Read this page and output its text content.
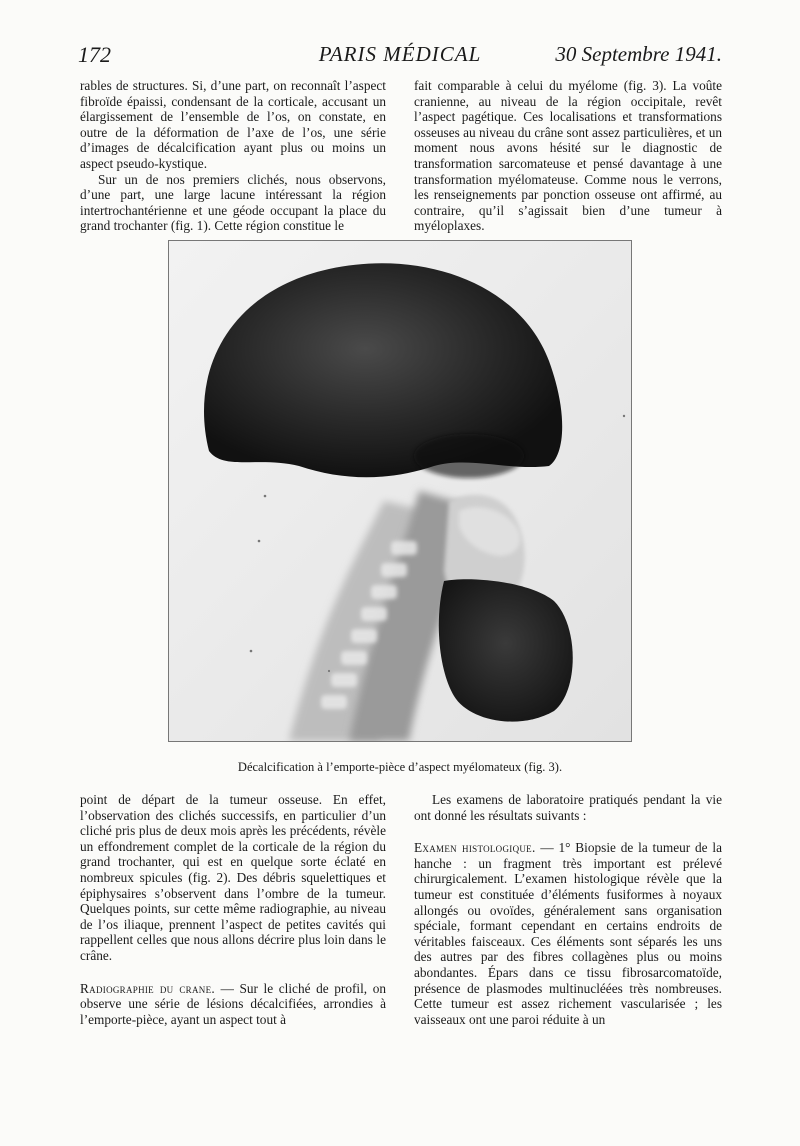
172	PARIS MÉDICAL	30 Septembre 1941.

rables de structures. Si, d’une part, on reconnaît l’aspect fibroïde épaissi, condensant de la corticale, accusant un élargissement de l’ensemble de l’os, on constate, en outre de la déformation de l’axe de l’os, une série d’images de décalcification ayant plus ou moins un aspect pseudo-kystique.

Sur un de nos premiers clichés, nous observons, d’une part, une large lacune intéressant la région intertrochantérienne et une géode occupant la place du grand trochanter (fig. 1). Cette région constitue le

fait comparable à celui du myélome (fig. 3). La voûte cranienne, au niveau de la région occipitale, revêt l’aspect pagétique. Ces localisations et transformations osseuses au niveau du crâne sont assez particulières, et un moment nous avons hésité sur le diagnostic de transformation sarcomateuse et pensé davantage à une transformation myélomateuse. Comme nous le verrons, les renseignements par ponction osseuse ont affirmé, au contraire, qu’il s’agissait bien d’une tumeur à myéloplaxes.

Décalcification à l’emporte-pièce d’aspect myélomateux (fig. 3).

point de départ de la tumeur osseuse. En effet, l’observation des clichés successifs, en particulier d’un cliché pris plus de deux mois après les précédents, révèle un effondrement complet de la corticale de la région du grand trochanter, qui est en quelque sorte éclaté en nombreux spicules (fig. 2). Des débris squelettiques et épiphysaires s’observent dans l’ombre de la tumeur. Quelques points, sur cette même radiographie, au niveau de l’os iliaque, prennent l’aspect de petites cavités qui rappellent celles que nous allons décrire plus loin dans le crâne.

Radiographie du crane. — Sur le cliché de profil, on observe une série de lésions décalcifiées, arrondies à l’emporte-pièce, ayant un aspect tout à

Les examens de laboratoire pratiqués pendant la vie ont donné les résultats suivants :

Examen histologique. — 1° Biopsie de la tumeur de la hanche : un fragment très important est prélevé chirurgicalement. L’examen histologique révèle que la tumeur est constituée d’éléments fusiformes à noyaux allongés ou ovoïdes, généralement sans organisation spéciale, formant cependant en certains endroits de véritables faisceaux. Ces éléments sont séparés les uns des autres par des fibres collagènes plus ou moins abondantes. Épars dans ce tissu fibrosarcomatoïde, présence de plasmodes multinucléées très nombreuses. Cette tumeur est assez richement vascularisée ; les vaisseaux ont une paroi réduite à un
